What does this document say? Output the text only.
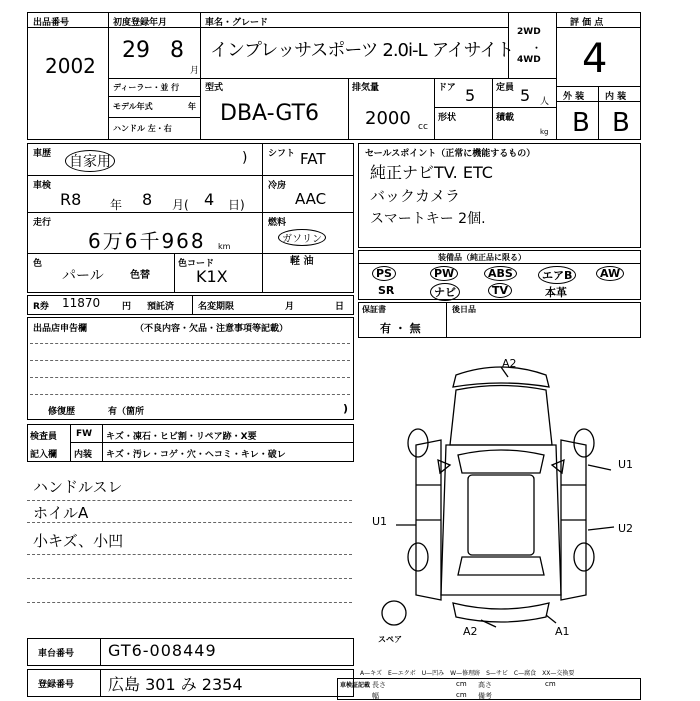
出品番号
2002
初度登録年月
29 8
月
車名・グレード
インプレッサスポーツ 2.0i-L アイサイト
2WD
・
4WD
評 価 点
4
外 装 内 装
B B
ディーラー・並 行
モデル年式	年
ハンドル 左・右
型式
DBA-GT6
排気量
2000 cc
ドア 5 定員 5 人
形状	積載
kg
車歴 自家用	) シフト FAT
車検
R8 年 8 月( 4 日)
冷房
AAC
走行
6万6千968 km
燃料
ガソリン
軽 油
色
パール	色替
色コード
K1X
R券 11870 円 預託済	名変期限	月	日
セールスポイント（正常に機能するもの）
純正ナビTV. ETC
バックカメラ
スマートキー 2個.
装備品（純正品に限る）
PS	PW	ABS	エアB	AW
SR	ナビ	TV	本革
保証書
有 ・ 無
後日品
出品店申告欄	（不良内容・欠品・注意事項等記載）
修復歴	有（箇所	)
検査員
記入欄
FW キズ・凍石・ヒビ割・リペア跡・X要
内装 キズ・汚レ・コゲ・穴・ヘコミ・キレ・破レ
ハンドルスレ
ホイルA
小キズ、小凹
A2
U1
U1
U2
A2	A1
スペア
A—キズ　E—エクボ　U—凹み　W—修理跡　S—サビ　C—腐食　XX—交換要
車台番号 GT6-008449
登録番号 広島 301 み 2354	車検証記載 長さ
幅
cm
cm
高さ	cm
備考
